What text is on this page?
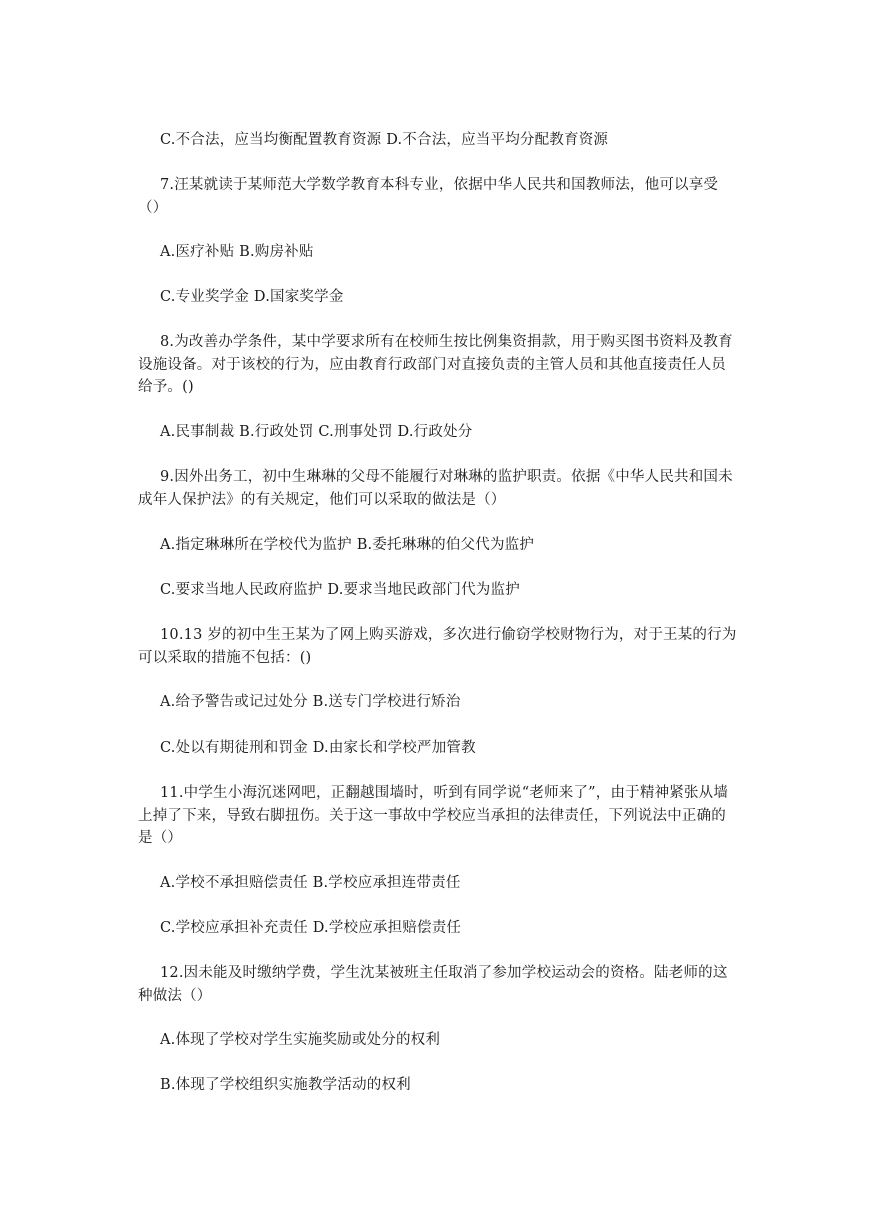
C.不合法，应当均衡配置教育资源 D.不合法，应当平均分配教育资源

7.汪某就读于某师范大学数学教育本科专业，依据中华人民共和国教师法，他可以享受（）

A.医疗补贴 B.购房补贴

C.专业奖学金 D.国家奖学金

8.为改善办学条件，某中学要求所有在校师生按比例集资捐款，用于购买图书资料及教育设施设备。对于该校的行为，应由教育行政部门对直接负责的主管人员和其他直接责任人员给予。()

A.民事制裁 B.行政处罚 C.刑事处罚 D.行政处分

9.因外出务工，初中生琳琳的父母不能履行对琳琳的监护职责。依据《中华人民共和国未成年人保护法》的有关规定，他们可以采取的做法是（）

A.指定琳琳所在学校代为监护 B.委托琳琳的伯父代为监护

C.要求当地人民政府监护 D.要求当地民政部门代为监护

10.13 岁的初中生王某为了网上购买游戏，多次进行偷窃学校财物行为，对于王某的行为可以采取的措施不包括：()

A.给予警告或记过处分 B.送专门学校进行矫治

C.处以有期徒刑和罚金 D.由家长和学校严加管教

11.中学生小海沉迷网吧，正翻越围墙时，听到有同学说“老师来了”，由于精神紧张从墙上掉了下来，导致右脚扭伤。关于这一事故中学校应当承担的法律责任，下列说法中正确的是（）

A.学校不承担赔偿责任 B.学校应承担连带责任

C.学校应承担补充责任 D.学校应承担赔偿责任

12.因未能及时缴纳学费，学生沈某被班主任取消了参加学校运动会的资格。陆老师的这种做法（）

A.体现了学校对学生实施奖励或处分的权利

B.体现了学校组织实施教学活动的权利
